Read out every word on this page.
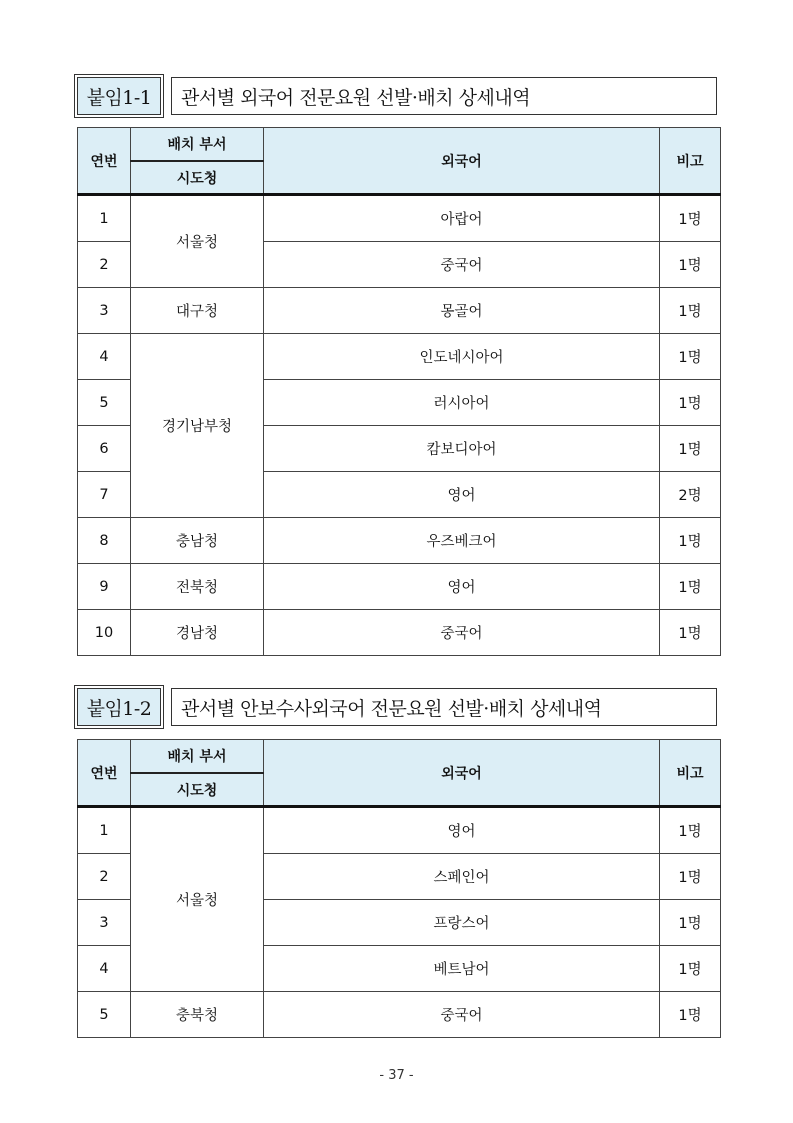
붙임1-1	관서별 외국어 전문요원 선발·배치 상세내역
연번	배치 부서	외국어	비고
	시도청		
1	서울청	아랍어	1명
2		중국어	1명
3	대구청	몽골어	1명
4	경기남부청	인도네시아어	1명
5		러시아어	1명
6		캄보디아어	1명
7		영어	2명
8	충남청	우즈베크어	1명
9	전북청	영어	1명
10	경남청	중국어	1명
붙임1-2	관서별 안보수사외국어 전문요원 선발·배치 상세내역
연번	배치 부서	외국어	비고
	시도청		
1	서울청	영어	1명
2		스페인어	1명
3		프랑스어	1명
4		베트남어	1명
5	충북청	중국어	1명
- 37 -
